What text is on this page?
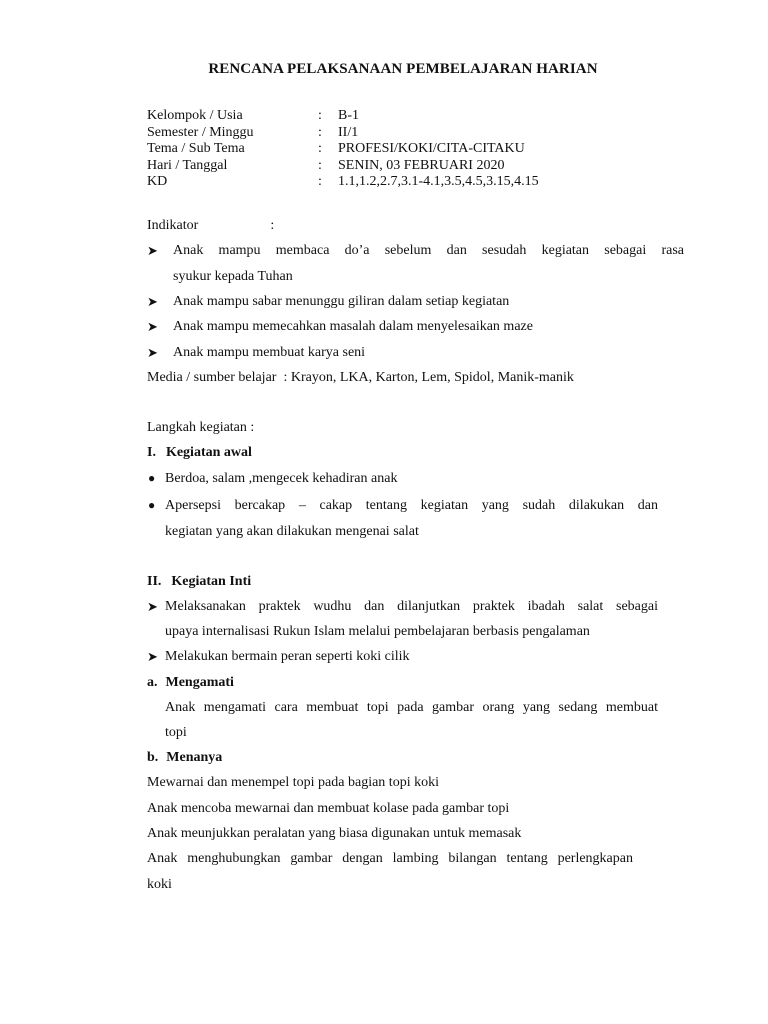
RENCANA PELAKSANAAN PEMBELAJARAN HARIAN
Kelompok / Usia	:	B-1
Semester / Minggu	:	II/1
Tema / Sub Tema	:	PROFESI/KOKI/CITA-CITAKU
Hari / Tanggal	:	SENIN, 03 FEBRUARI 2020
KD	:	1.1,1.2,2.7,3.1-4.1,3.5,4.5,3.15,4.15
Indikator	:
➤ Anak mampu membaca do’a sebelum dan sesudah kegiatan sebagai rasa
syukur kepada Tuhan
➤ Anak mampu sabar menunggu giliran dalam setiap kegiatan
➤ Anak mampu memecahkan masalah dalam menyelesaikan maze
➤ Anak mampu membuat karya seni
Media / sumber belajar  : Krayon, LKA, Karton, Lem, Spidol, Manik-manik
Langkah kegiatan :
I. Kegiatan awal
● Berdoa, salam ,mengecek kehadiran anak
● Apersepsi bercakap – cakap tentang kegiatan yang sudah dilakukan dan
kegiatan yang akan dilakukan mengenai salat
II. Kegiatan Inti
➤ Melaksanakan praktek wudhu dan dilanjutkan praktek ibadah salat sebagai
upaya internalisasi Rukun Islam melalui pembelajaran berbasis pengalaman
➤ Melakukan bermain peran seperti koki cilik
a. Mengamati
Anak mengamati cara membuat topi pada gambar orang yang sedang membuat
topi
b. Menanya
Mewarnai dan menempel topi pada bagian topi koki
Anak mencoba mewarnai dan membuat kolase pada gambar topi
Anak meunjukkan peralatan yang biasa digunakan untuk memasak
Anak menghubungkan gambar dengan lambing bilangan tentang perlengkapan
koki
